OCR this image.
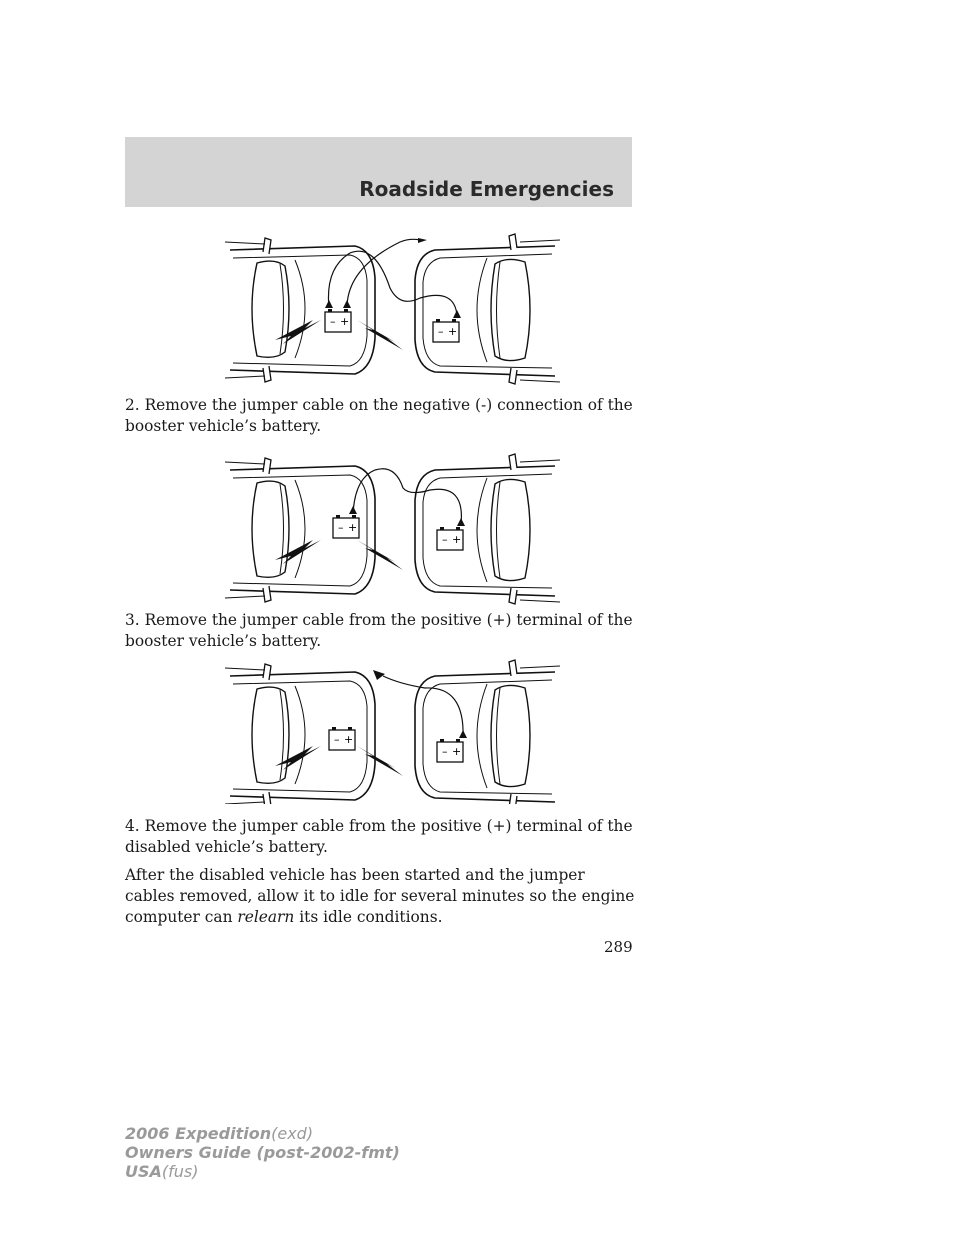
Roadside Emergencies
– +
– +

2. Remove the jumper cable on the negative (-) connection of the booster vehicle’s battery.

– +
– +

3. Remove the jumper cable from the positive (+) terminal of the booster vehicle’s battery.

– +
– +

4. Remove the jumper cable from the positive (+) terminal of the disabled vehicle’s battery.

After the disabled vehicle has been started and the jumper cables removed, allow it to idle for several minutes so the engine computer can relearn its idle conditions.

289
2006 Expedition(exd)
Owners Guide (post-2002-fmt)
USA(fus)
